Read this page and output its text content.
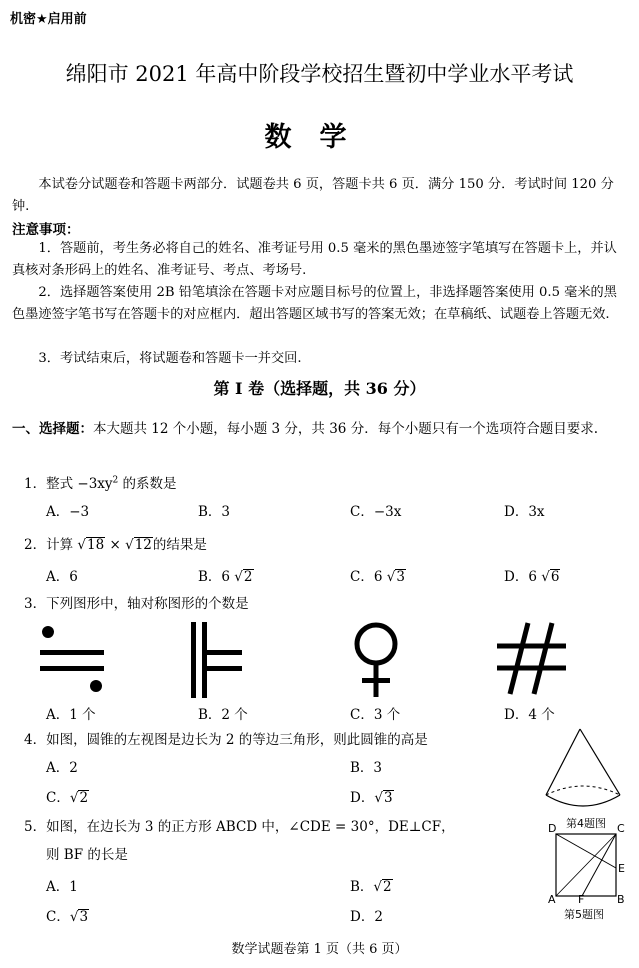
机密★启用前
绵阳市 2021 年高中阶段学校招生暨初中学业水平考试
数学
本试卷分试题卷和答题卡两部分．试题卷共 6 页，答题卡共 6 页．满分 150 分．考试时间 120 分钟.
注意事项：
1．答题前，考生务必将自己的姓名、准考证号用 0.5 毫米的黑色墨迹签字笔填写在答题卡上，并认真核对条形码上的姓名、准考证号、考点、考场号.
2．选择题答案使用 2B 铅笔填涂在答题卡对应题目标号的位置上，非选择题答案使用 0.5 毫米的黑色墨迹签字笔书写在答题卡的对应框内．超出答题区域书写的答案无效；在草稿纸、试题卷上答题无效.
3．考试结束后，将试题卷和答题卡一并交回.
第 I 卷（选择题，共 36 分）
一、选择题：本大题共 12 个小题，每小题 3 分，共 36 分．每个小题只有一个选项符合题目要求.
1．整式 $-3xy^2$ 的系数是
A．−3	B．3	C．−3x	D．3x
2．计算 √18 × √12的结果是
A．6	B．6 √2	C．6 √3	D．6 √6
3．下列图形中，轴对称图形的个数是
A．1 个	B．2 个	C．3 个	D．4 个
4．如图，圆锥的左视图是边长为 2 的等边三角形，则此圆锥的高是
A．2	B．3
C．√2	D．√3
第4题图
5．如图，在边长为 3 的正方形 ABCD 中，∠CDE = 30°，DE⊥CF，
则 BF 的长是
A．1	B．√2
C．√3	D．2
D	C
E
A F	B
第5题图
数学试题卷第 1 页（共 6 页）
